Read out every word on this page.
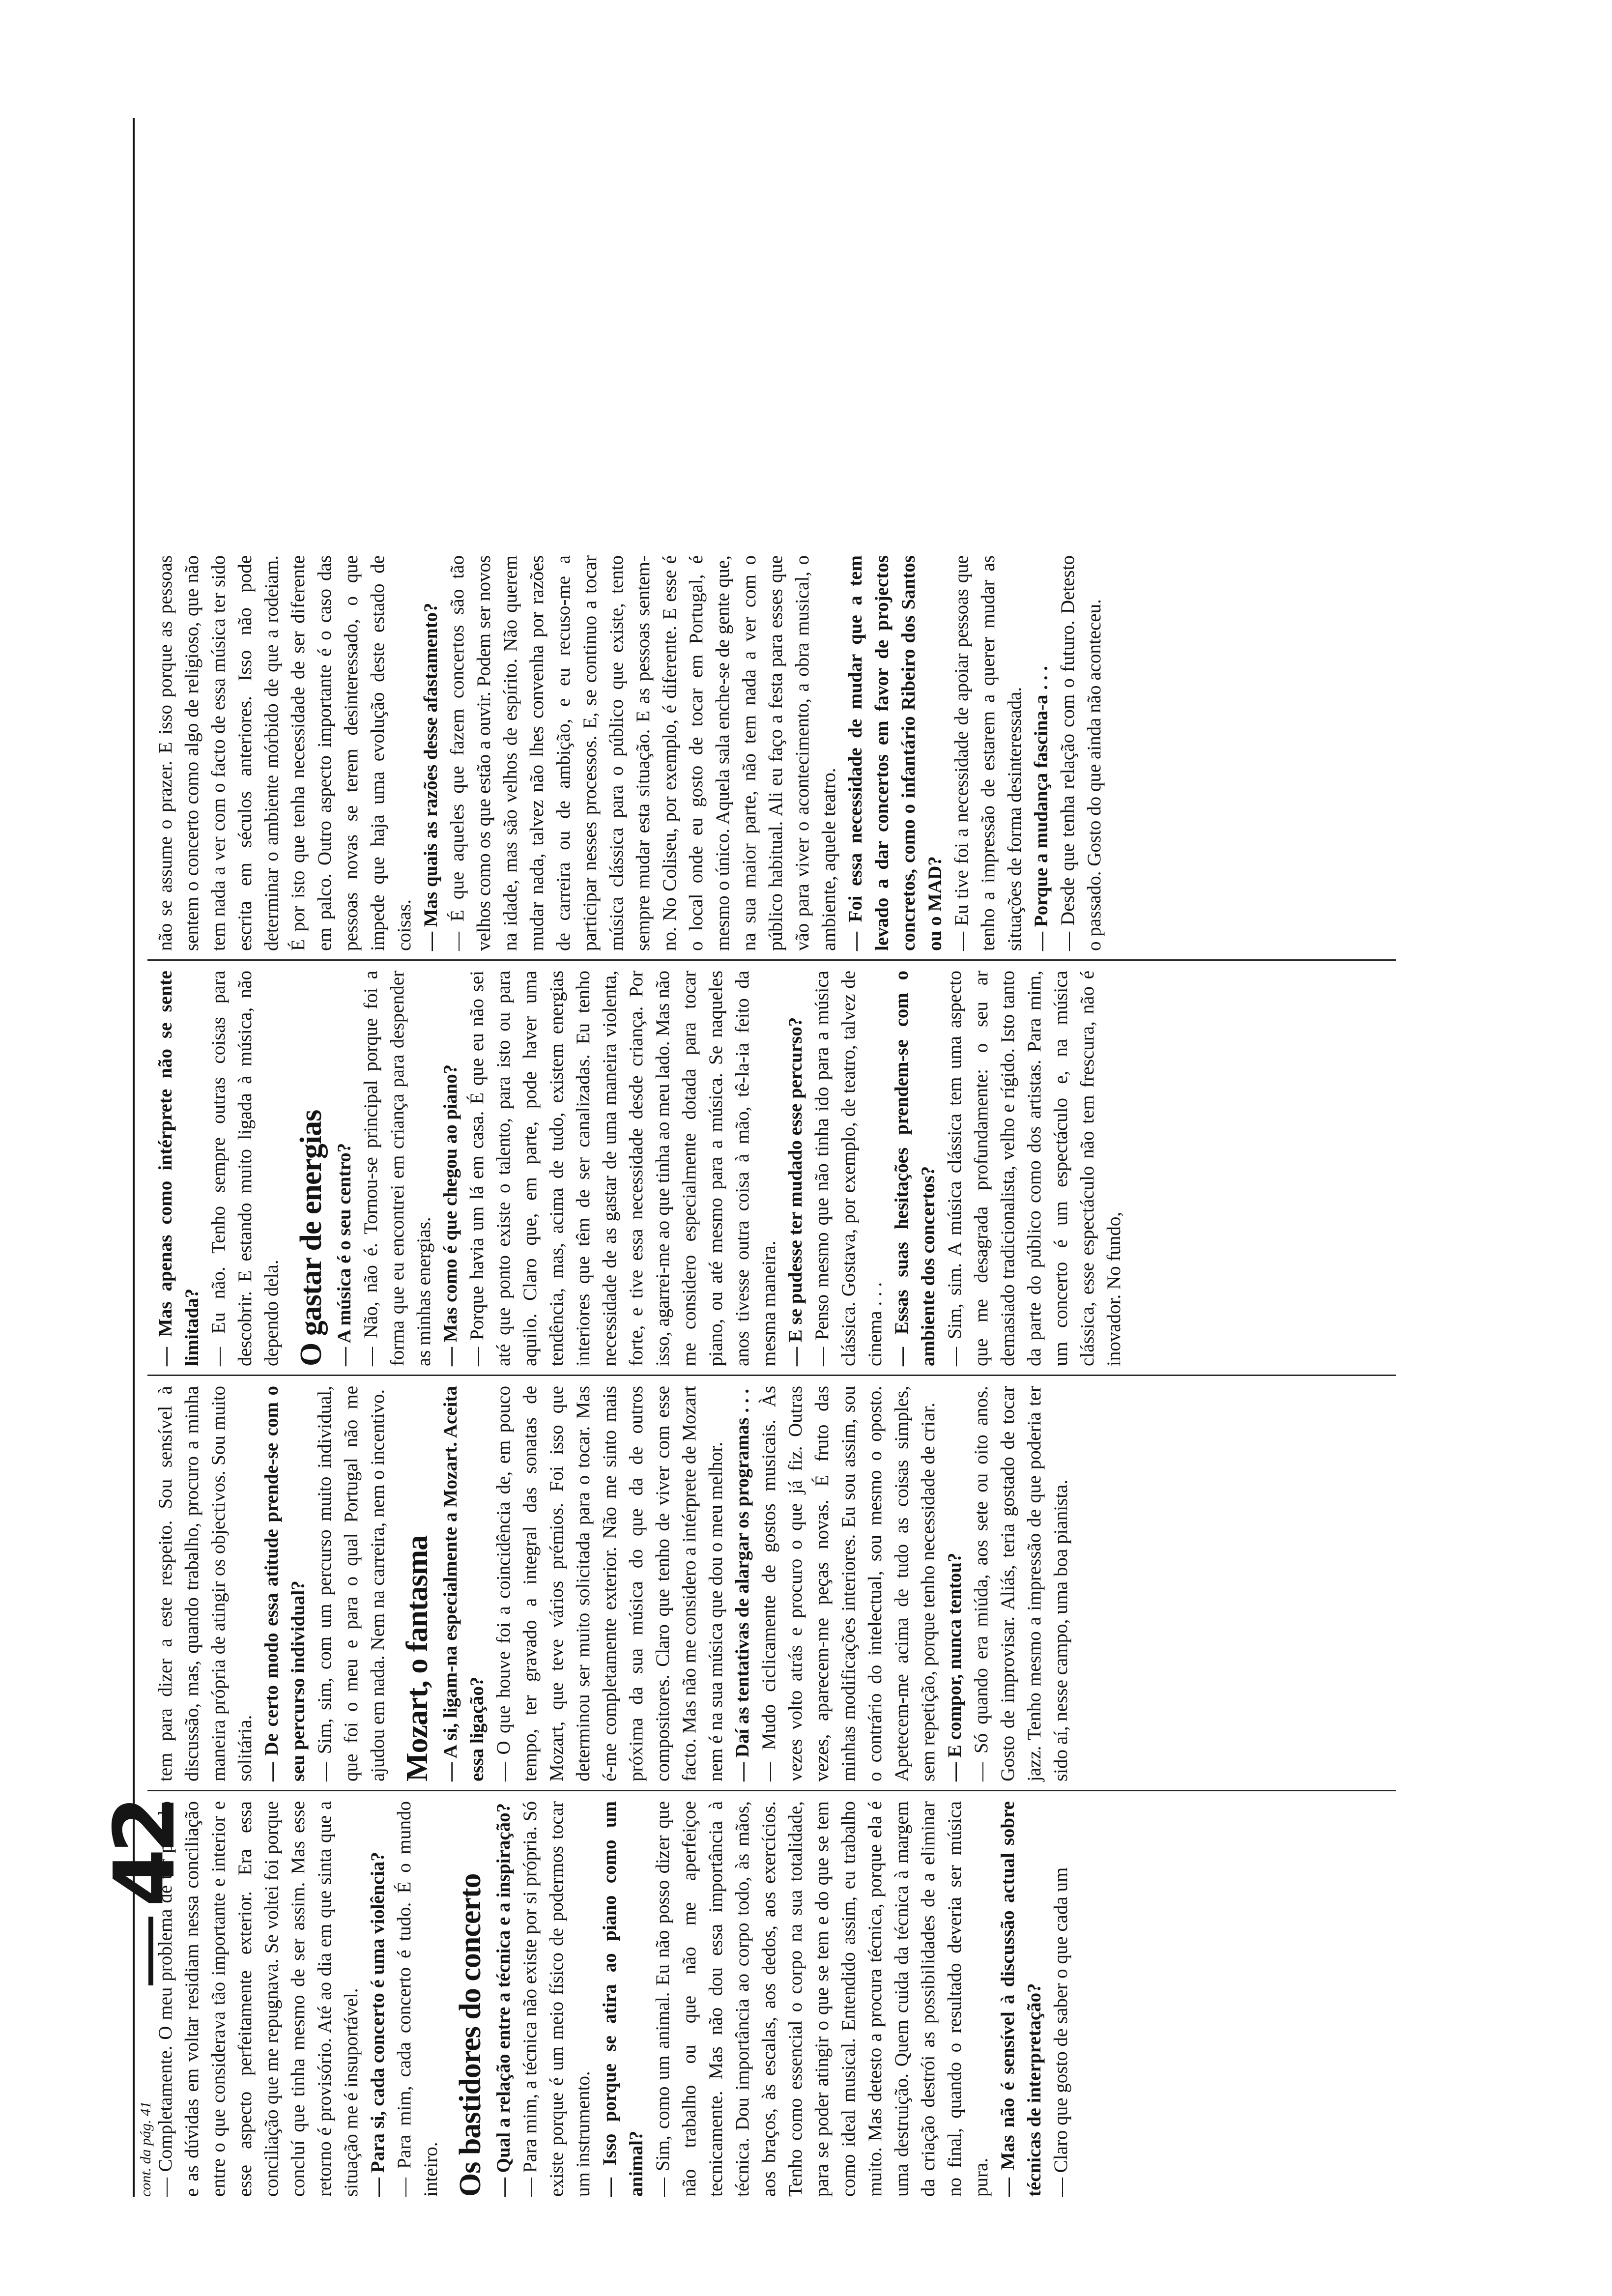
cont. da pág. 41
42

— Completamente. O meu problema de ter parado e as dúvidas em voltar residiam nessa conciliação entre o que considerava tão importante e interior e esse aspecto perfeitamente exterior. Era essa conciliação que me repugnava. Se voltei foi porque concluí que tinha mesmo de ser assim. Mas esse retorno é provisório. Até ao dia em que sinta que a situação me é insuportável. — Para si, cada concerto é uma violência? — Para mim, cada concerto é tudo. É o mundo inteiro. Os bastidores do concerto — Qual a relação entre a técnica e a inspiração? — Para mim, a técnica não existe por si própria. Só existe porque é um meio físico de podermos tocar um instrumento. — Isso porque se atira ao piano como um animal? — Sim, como um animal. Eu não posso dizer que não trabalho ou que não me aperfeiçoe tecnicamente. Mas não dou essa importância à técnica. Dou importância ao corpo todo, às mãos, aos braços, às escalas, aos dedos, aos exercícios. Tenho como essencial o corpo na sua totalidade, para se poder atingir o que se tem e do que se tem como ideal musical. Entendido assim, eu trabalho muito. Mas detesto a procura técnica, porque ela é uma destruição. Quem cuida da técnica à margem da criação destrói as possibilidades de a eliminar no final, quando o resultado deveria ser música pura. — Mas não é sensível à discussão actual sobre técnicas de interpretação? — Claro que gosto de saber o que cada um

tem para dizer a este respeito. Sou sensível à discussão, mas, quando trabalho, procuro a minha maneira própria de atingir os objectivos. Sou muito solitária. — De certo modo essa atitude prende-se com o seu percurso individual? — Sim, sim, com um percurso muito individual, que foi o meu e para o qual Portugal não me ajudou em nada. Nem na carreira, nem o incentivo. Mozart, o fantasma — A si, ligam-na especialmente a Mozart. Aceita essa ligação? — O que houve foi a coincidência de, em pouco tempo, ter gravado a integral das sonatas de Mozart, que teve vários prémios. Foi isso que determinou ser muito solicitada para o tocar. Mas é-me completamente exterior. Não me sinto mais próxima da sua música do que da de outros compositores. Claro que tenho de viver com esse facto. Mas não me considero a intérprete de Mozart nem é na sua música que dou o meu melhor. — Daí as tentativas de alargar os programas . . . — Mudo ciclicamente de gostos musicais. Às vezes volto atrás e procuro o que já fiz. Outras vezes, aparecem-me peças novas. É fruto das minhas modificações interiores. Eu sou assim, sou o contrário do intelectual, sou mesmo o oposto. Apetecem-me acima de tudo as coisas simples, sem repetição, porque tenho necessidade de criar. — E compor, nunca tentou? — Só quando era miúda, aos sete ou oito anos. Gosto de improvisar. Aliás, teria gostado de tocar jazz. Tenho mesmo a impressão de que poderia ter sido aí, nesse campo, uma boa pianista.

— Mas apenas como intérprete não se sente limitada? — Eu não. Tenho sempre outras coisas para descobrir. E estando muito ligada à música, não dependo dela. O gastar de energias — A música é o seu centro? — Não, não é. Tornou-se principal porque foi a forma que eu encontrei em criança para despender as minhas energias. — Mas como é que chegou ao piano? — Porque havia um lá em casa. É que eu não sei até que ponto existe o talento, para isto ou para aquilo. Claro que, em parte, pode haver uma tendência, mas, acima de tudo, existem energias interiores que têm de ser canalizadas. Eu tenho necessidade de as gastar de uma maneira violenta, forte, e tive essa necessidade desde criança. Por isso, agarrei-me ao que tinha ao meu lado. Mas não me considero especialmente dotada para tocar piano, ou até mesmo para a música. Se naqueles anos tivesse outra coisa à mão, tê-la-ia feito da mesma maneira. — E se pudesse ter mudado esse percurso? — Penso mesmo que não tinha ido para a música clássica. Gostava, por exemplo, de teatro, talvez de cinema . . . — Essas suas hesitações prendem-se com o ambiente dos concertos? — Sim, sim. A música clássica tem uma aspecto que me desagrada profundamente: o seu ar demasiado tradicionalista, velho e rígido. Isto tanto da parte do público como dos artistas. Para mim, um concerto é um espectáculo e, na música clássica, esse espectáculo não tem frescura, não é inovador. No fundo,

não se assume o prazer. E isso porque as pessoas sentem o concerto como algo de religioso, que não tem nada a ver com o facto de essa música ter sido escrita em séculos anteriores. Isso não pode determinar o ambiente mórbido de que a rodeiam. É por isto que tenha necessidade de ser diferente em palco. Outro aspecto importante é o caso das pessoas novas se terem desinteressado, o que impede que haja uma evolução deste estado de coisas. — Mas quais as razões desse afastamento? — É que aqueles que fazem concertos são tão velhos como os que estão a ouvir. Podem ser novos na idade, mas são velhos de espírito. Não querem mudar nada, talvez não lhes convenha por razões de carreira ou de ambição, e eu recuso-me a participar nesses processos. E, se continuo a tocar música clássica para o público que existe, tento sempre mudar esta situação. E as pessoas sentem-no. No Coliseu, por exemplo, é diferente. E esse é o local onde eu gosto de tocar em Portugal, é mesmo o único. Aquela sala enche-se de gente que, na sua maior parte, não tem nada a ver com o público habitual. Ali eu faço a festa para esses que vão para viver o acontecimento, a obra musical, o ambiente, aquele teatro. — Foi essa necessidade de mudar que a tem levado a dar concertos em favor de projectos concretos, como o infantário Ribeiro dos Santos ou o MAD? — Eu tive foi a necessidade de apoiar pessoas que tenho a impressão de estarem a querer mudar as situações de forma desinteressada. — Porque a mudança fascina-a . . . — Desde que tenha relação com o futuro. Detesto o passado. Gosto do que ainda não aconteceu.
